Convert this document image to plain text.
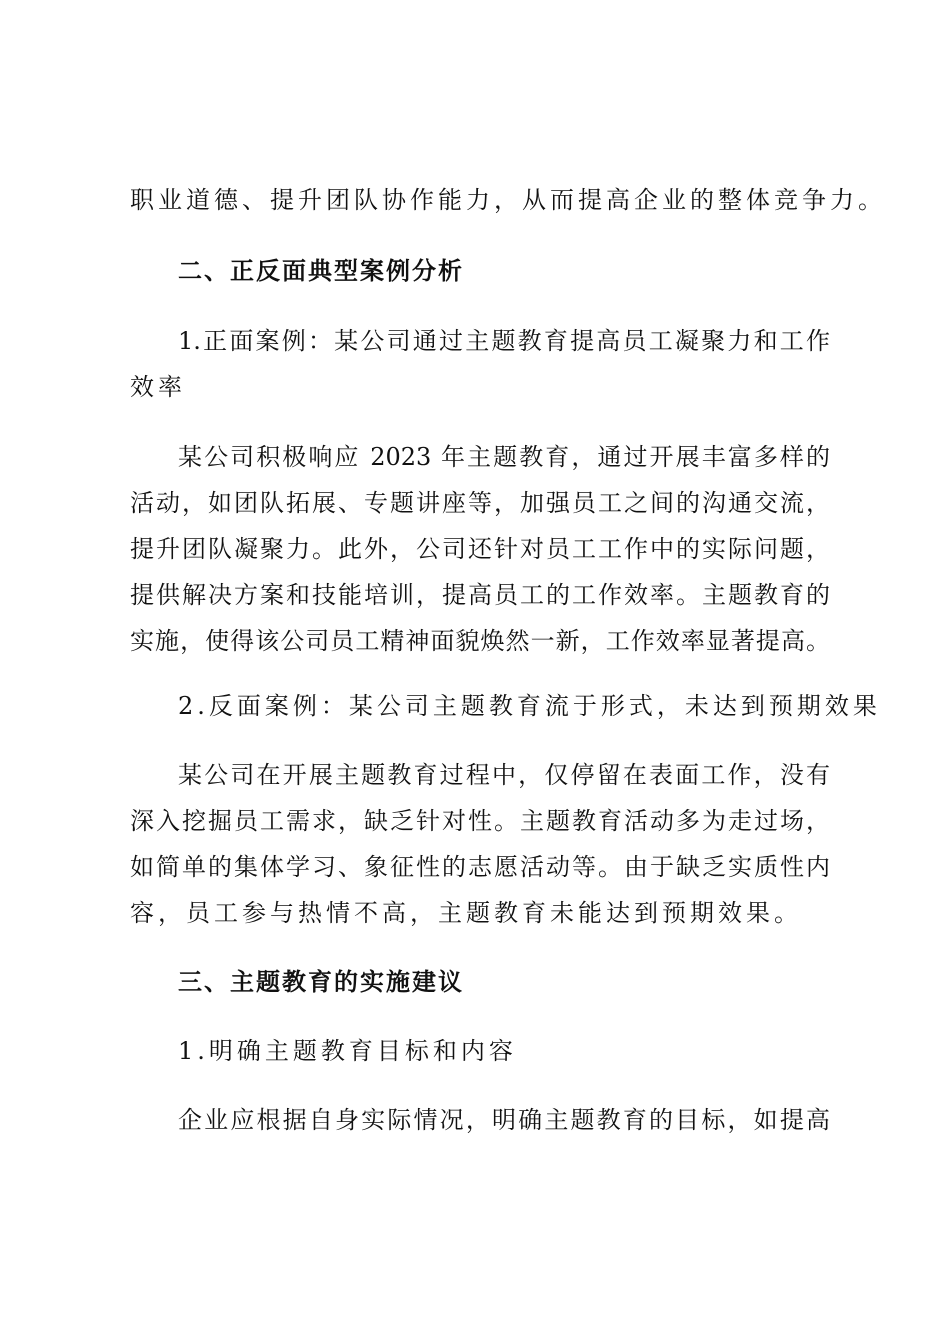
职业道德、提升团队协作能力，从而提高企业的整体竞争力。
二、正反面典型案例分析
1.正面案例：某公司通过主题教育提高员工凝聚力和工作
效率
某公司积极响应 2023 年主题教育，通过开展丰富多样的
活动，如团队拓展、专题讲座等，加强员工之间的沟通交流，
提升团队凝聚力。此外，公司还针对员工工作中的实际问题，
提供解决方案和技能培训，提高员工的工作效率。主题教育的
实施，使得该公司员工精神面貌焕然一新，工作效率显著提高。
2.反面案例：某公司主题教育流于形式，未达到预期效果
某公司在开展主题教育过程中，仅停留在表面工作，没有
深入挖掘员工需求，缺乏针对性。主题教育活动多为走过场，
如简单的集体学习、象征性的志愿活动等。由于缺乏实质性内
容，员工参与热情不高，主题教育未能达到预期效果。
三、主题教育的实施建议
1.明确主题教育目标和内容
企业应根据自身实际情况，明确主题教育的目标，如提高
